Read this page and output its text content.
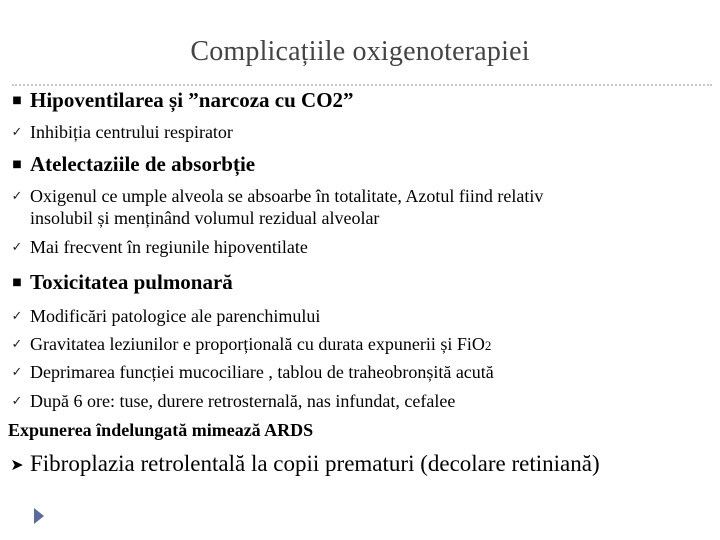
Complicațiile oxigenoterapiei
■ Hipoventilarea și ”narcoza cu CO2”
✓ Inhibiția centrului respirator
■ Atelectaziile de absorbție
✓ Oxigenul ce umple alveola se absoarbe în totalitate, Azotul fiind relativ
insolubil și menținând volumul rezidual alveolar
✓ Mai frecvent în regiunile hipoventilate
■ Toxicitatea pulmonară
✓ Modificări patologice ale parenchimului
✓ Gravitatea leziunilor e proporțională cu durata expunerii și FiO2
✓ Deprimarea funcției mucociliare , tablou de traheobronșită acută
✓ După 6 ore: tuse, durere retrosternală, nas infundat, cefalee
Expunerea îndelungată mimează ARDS
➤ Fibroplazia retrolentală la copii prematuri (decolare retiniană)
